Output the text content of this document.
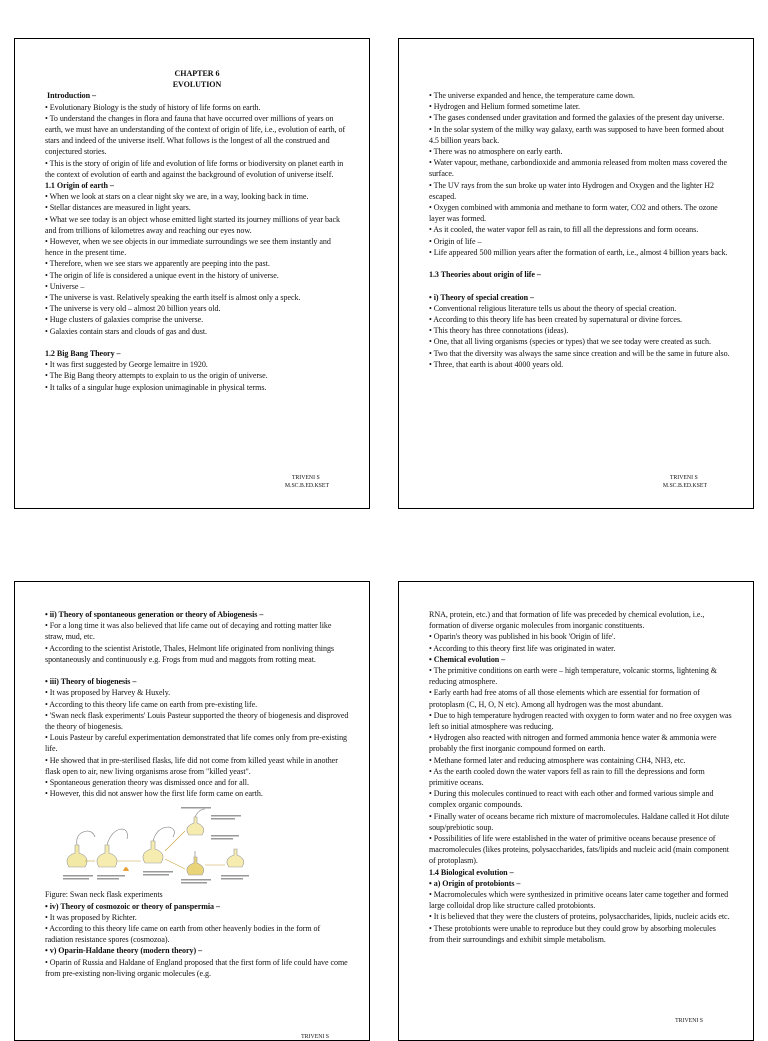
CHAPTER 6

EVOLUTION

Introduction –

• Evolutionary Biology is the study of history of life forms on earth.

• To understand the changes in flora and fauna that have occurred over millions of years on earth, we must have an understanding of the context of origin of life, i.e., evolution of earth, of stars and indeed of the universe itself. What follows is the longest of all the construed and conjectured stories.

• This is the story of origin of life and evolution of life forms or biodiversity on planet earth in the context of evolution of earth and against the background of evolution of universe itself.

1.1 Origin of earth –

• When we look at stars on a clear night sky we are, in a way, looking back in time.

• Stellar distances are measured in light years.

• What we see today is an object whose emitted light started its journey millions of year back and from trillions of kilometres away and reaching our eyes now.

• However, when we see objects in our immediate surroundings we see them instantly and hence in the present time.

• Therefore, when we see stars we apparently are peeping into the past.

• The origin of life is considered a unique event in the history of universe.

• Universe –

• The universe is vast. Relatively speaking the earth itself is almost only a speck.

• The universe is very old – almost 20 billion years old.

• Huge clusters of galaxies comprise the universe.

• Galaxies contain stars and clouds of gas and dust.

1.2 Big Bang Theory –

• It was first suggested by George lemaitre in 1920.

• The Big Bang theory attempts to explain to us the origin of universe.

• It talks of a singular huge explosion unimaginable in physical terms.

TRIVENI S
M.SC.B.ED.KSET

• The universe expanded and hence, the temperature came down.

• Hydrogen and Helium formed sometime later.

• The gases condensed under gravitation and formed the galaxies of the present day universe.

• In the solar system of the milky way galaxy, earth was supposed to have been formed about 4.5 billion years back.

• There was no atmosphere on early earth.

• Water vapour, methane, carbondioxide and ammonia released from molten mass covered the surface.

• The UV rays from the sun broke up water into Hydrogen and Oxygen and the lighter H2 escaped.

• Oxygen combined with ammonia and methane to form water, CO2 and others. The ozone layer was formed.

• As it cooled, the water vapor fell as rain, to fill all the depressions and form oceans.

• Origin of life –

• Life appeared 500 million years after the formation of earth, i.e., almost 4 billion years back.

1.3 Theories about origin of life –

• i) Theory of special creation –

• Conventional religious literature tells us about the theory of special creation.

• According to this theory life has been created by supernatural or divine forces.

• This theory has three connotations (ideas).

• One, that all living organisms (species or types) that we see today were created as such.

• Two that the diversity was always the same since creation and will be the same in future also.

• Three, that earth is about 4000 years old.

TRIVENI S
M.SC.B.ED.KSET

• ii) Theory of spontaneous generation or theory of Abiogenesis –

• For a long time it was also believed that life came out of decaying and rotting matter like straw, mud, etc.

• According to the scientist Aristotle, Thales, Helmont life originated from nonliving things spontaneously and continuously e.g. Frogs from mud and maggots from rotting meat.

• iii) Theory of biogenesis –

• It was proposed by Harvey & Huxely.

• According to this theory life came on earth from pre-existing life.

• 'Swan neck flask experiments' Louis Pasteur supported the theory of biogenesis and disproved the theory of biogenesis.

• Louis Pasteur by careful experimentation demonstrated that life comes only from pre-existing life.

• He showed that in pre-sterilised flasks, life did not come from killed yeast while in another flask open to air, new living organisms arose from "killed yeast".

• Spontaneous generation theory was dismissed once and for all.

• However, this did not answer how the first life form came on earth.

Figure: Swan neck flask experiments

• iv) Theory of cosmozoic or theory of panspermia –

• It was proposed by Richter.

• According to this theory life came on earth from other heavenly bodies in the form of radiation resistance spores (cosmozoa).

• v) Oparin-Haldane theory (modern theory) –

• Oparin of Russia and Haldane of England proposed that the first form of life could have come from pre-existing non-living organic molecules (e.g.

TRIVENI S

RNA, protein, etc.) and that formation of life was preceded by chemical evolution, i.e., formation of diverse organic molecules from inorganic constituents.

• Oparin's theory was published in his book 'Origin of life'.

• According to this theory first life was originated in water.

• Chemical evolution –

• The primitive conditions on earth were – high temperature, volcanic storms, lightening & reducing atmosphere.

• Early earth had free atoms of all those elements which are essential for formation of protoplasm (C, H, O, N etc). Among all hydrogen was the most abundant.

• Due to high temperature hydrogen reacted with oxygen to form water and no free oxygen was left so initial atmosphere was reducing.

• Hydrogen also reacted with nitrogen and formed ammonia hence water & ammonia were probably the first inorganic compound formed on earth.

• Methane formed later and reducing atmosphere was containing CH4, NH3, etc.

• As the earth cooled down the water vapors fell as rain to fill the depressions and form primitive oceans.

• During this molecules continued to react with each other and formed various simple and complex organic compounds.

• Finally water of oceans became rich mixture of macromolecules. Haldane called it Hot dilute soup/prebiotic soup.

• Possibilities of life were established in the water of primitive oceans because presence of macromolecules (likes proteins, polysaccharides, fats/lipids and nucleic acid (main component of protoplasm).

1.4 Biological evolution –

• a) Origin of protobionts –

• Macromolecules which were synthesized in primitive oceans later came together and formed large colloidal drop like structure called protobionts.

• It is believed that they were the clusters of proteins, polysaccharides, lipids, nucleic acids etc.

• These protobionts were unable to reproduce but they could grow by absorbing molecules from their surroundings and exhibit simple metabolism.

TRIVENI S
